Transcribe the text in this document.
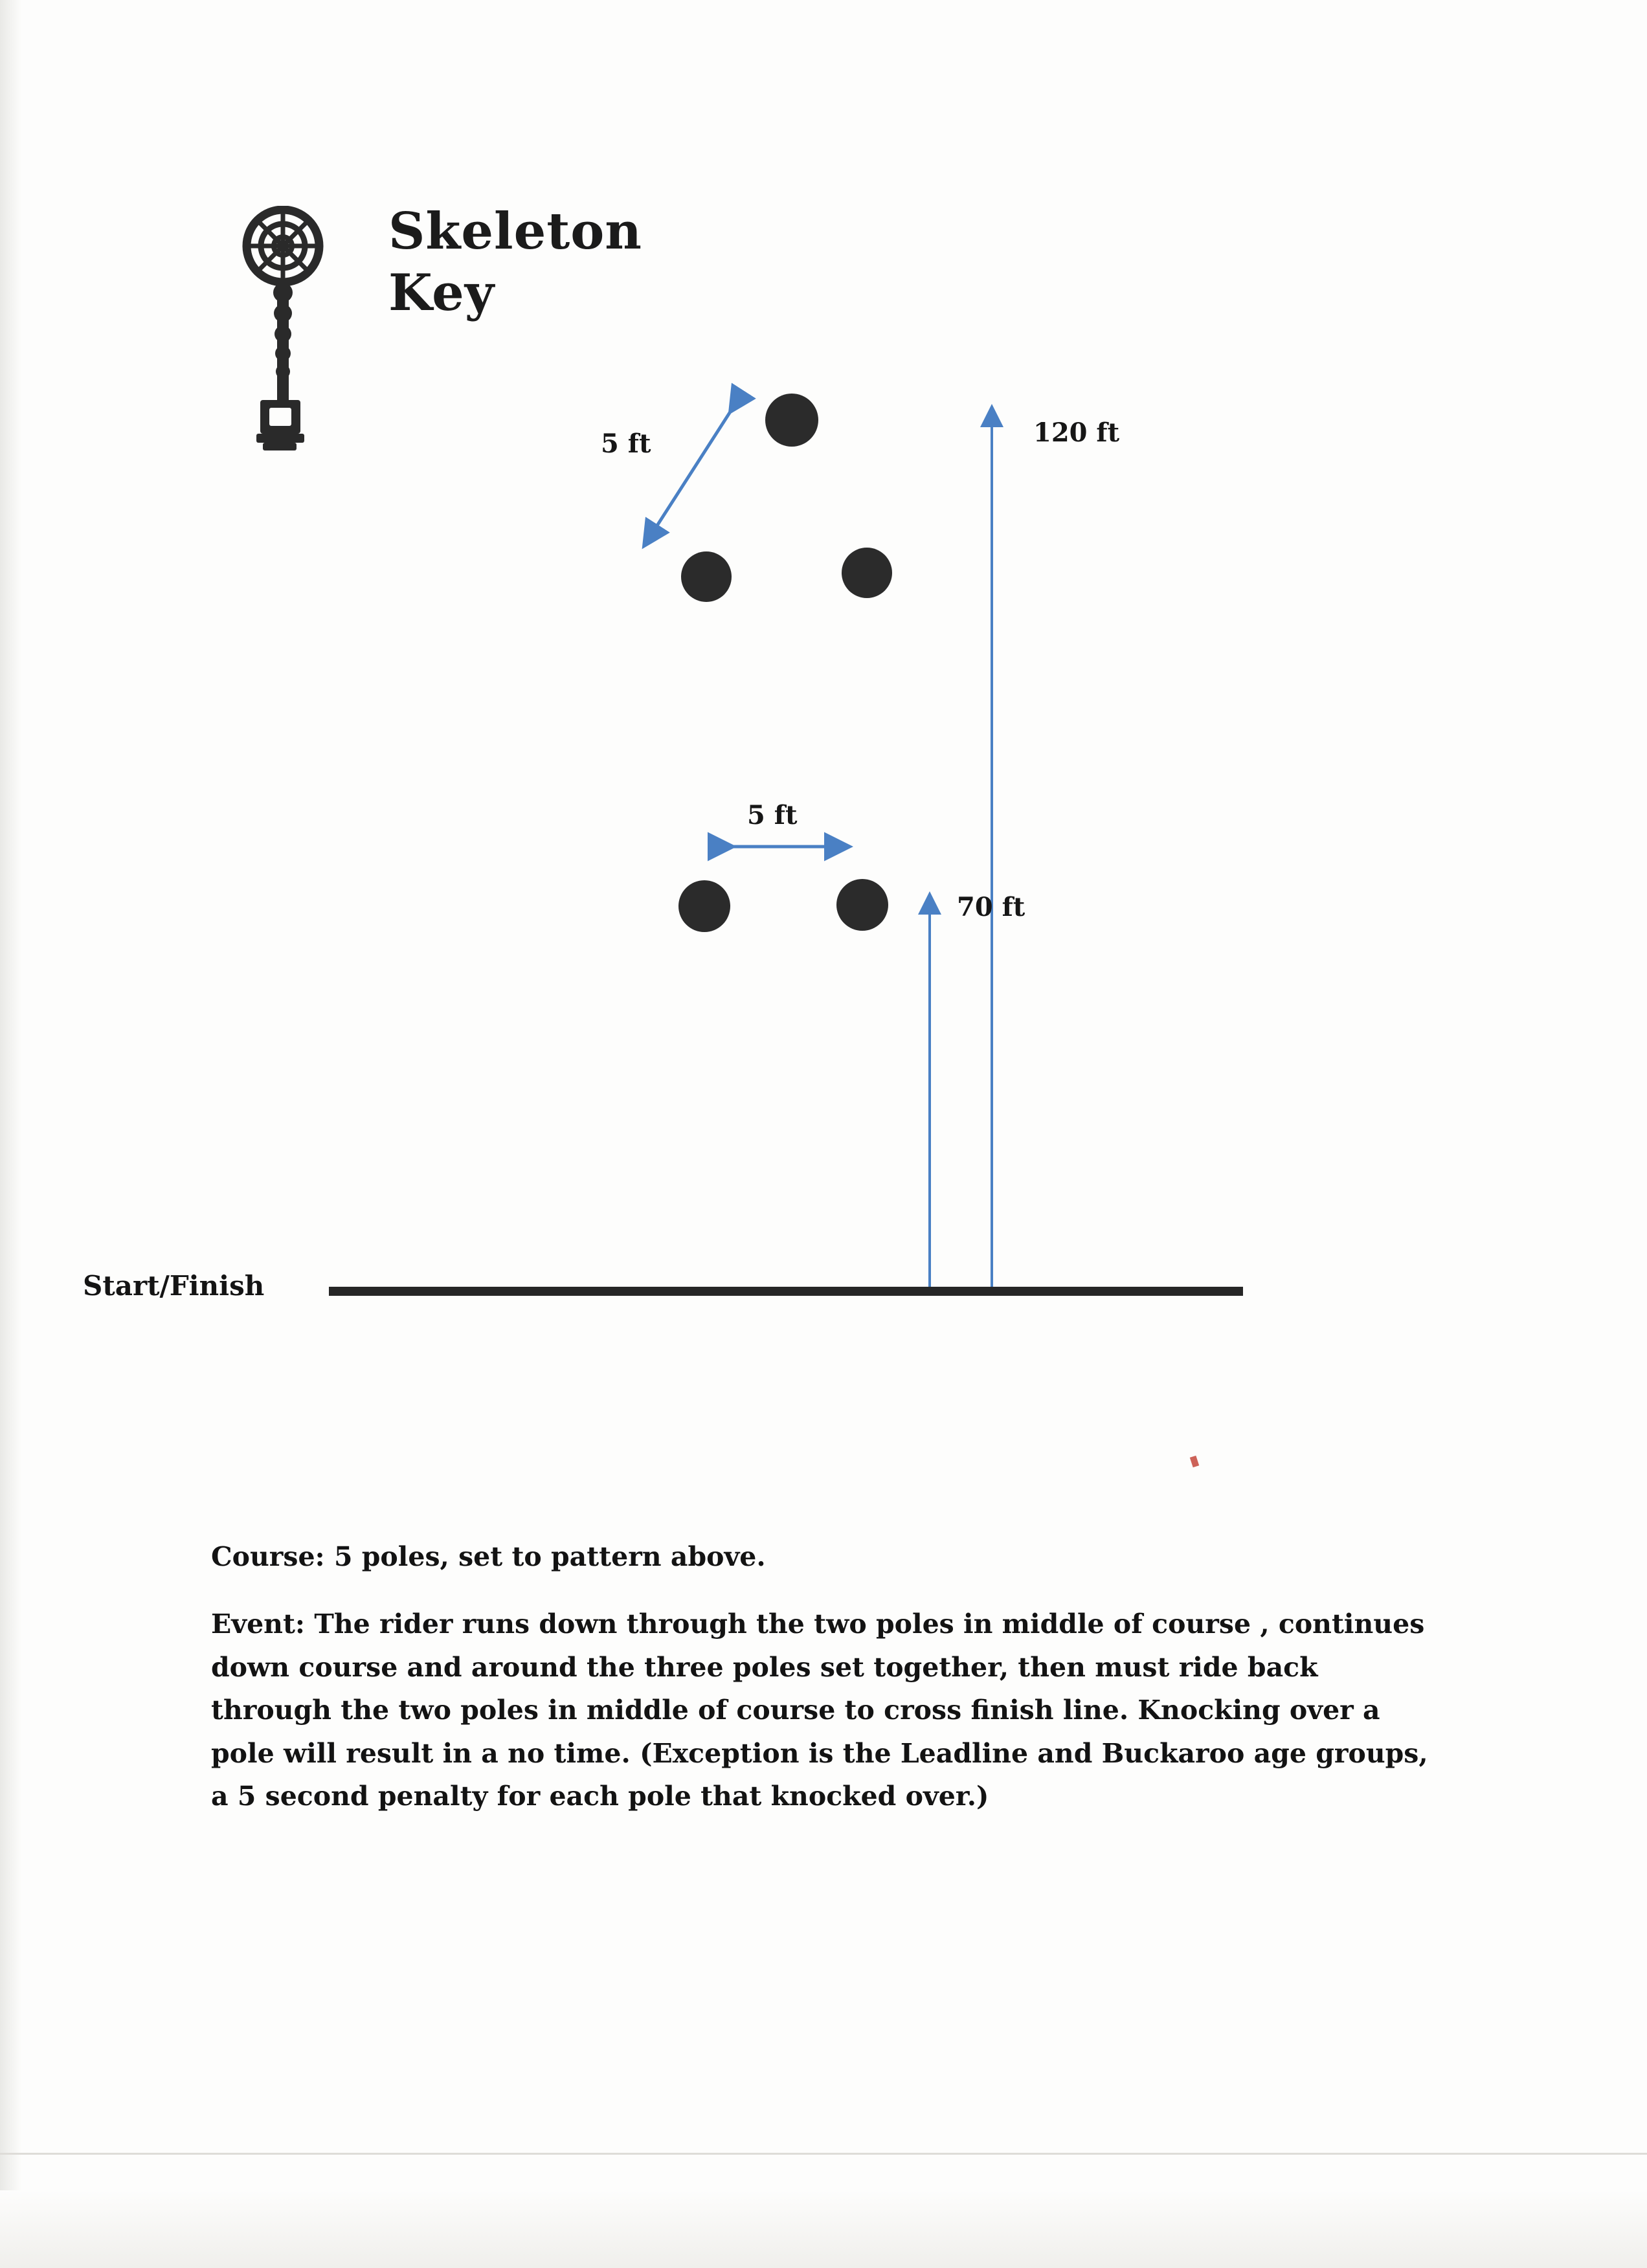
Skeleton
Key
5 ft
5 ft
120 ft
70 ft
Start/Finish

Course: 5 poles, set to pattern above.

Event: The rider runs down through the two poles in middle of course , continues down course and around the three poles set together, then must ride back through the two poles in middle of course to cross finish line. Knocking over a pole will result in a no time. (Exception is the Leadline and Buckaroo age groups, a 5 second penalty for each pole that knocked over.)
